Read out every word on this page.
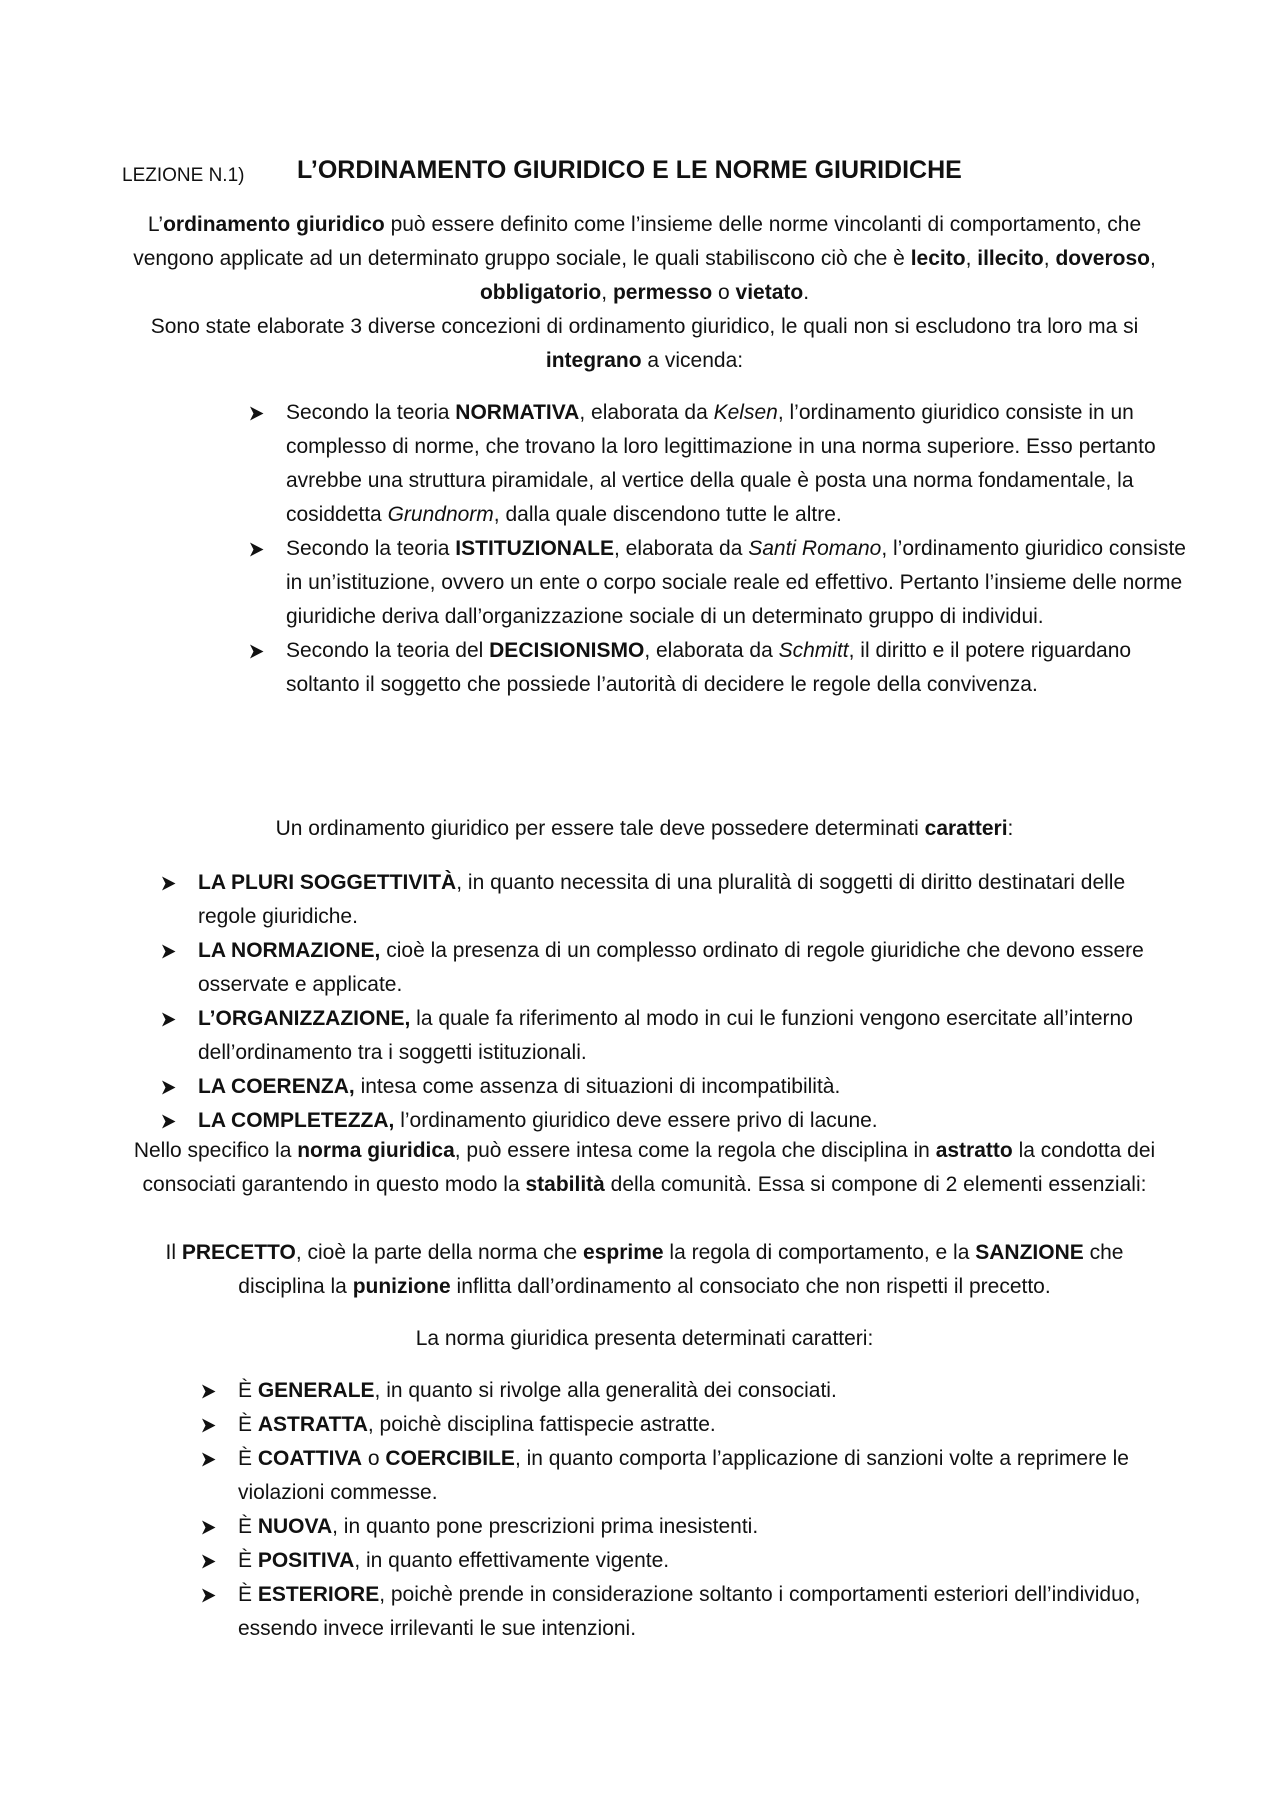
LEZIONE N.1) L’ORDINAMENTO GIURIDICO E LE NORME GIURIDICHE
L’ordinamento giuridico può essere definito come l’insieme delle norme vincolanti di comportamento, che vengono applicate ad un determinato gruppo sociale, le quali stabiliscono ciò che è lecito, illecito, doveroso, obbligatorio, permesso o vietato.
Sono state elaborate 3 diverse concezioni di ordinamento giuridico, le quali non si escludono tra loro ma si integrano a vicenda:
Secondo la teoria NORMATIVA, elaborata da Kelsen, l’ordinamento giuridico consiste in un complesso di norme, che trovano la loro legittimazione in una norma superiore. Esso pertanto avrebbe una struttura piramidale, al vertice della quale è posta una norma fondamentale, la cosiddetta Grundnorm, dalla quale discendono tutte le altre.
Secondo la teoria ISTITUZIONALE, elaborata da Santi Romano, l’ordinamento giuridico consiste in un’istituzione, ovvero un ente o corpo sociale reale ed effettivo. Pertanto l’insieme delle norme giuridiche deriva dall’organizzazione sociale di un determinato gruppo di individui.
Secondo la teoria del DECISIONISMO, elaborata da Schmitt, il diritto e il potere riguardano soltanto il soggetto che possiede l’autorità di decidere le regole della convivenza.
Un ordinamento giuridico per essere tale deve possedere determinati caratteri:
LA PLURI SOGGETTIVITÀ, in quanto necessita di una pluralità di soggetti di diritto destinatari delle regole giuridiche.
LA NORMAZIONE, cioè la presenza di un complesso ordinato di regole giuridiche che devono essere osservate e applicate.
L’ORGANIZZAZIONE, la quale fa riferimento al modo in cui le funzioni vengono esercitate all’interno dell’ordinamento tra i soggetti istituzionali.
LA COERENZA, intesa come assenza di situazioni di incompatibilità.
LA COMPLETEZZA, l’ordinamento giuridico deve essere privo di lacune.
Nello specifico la norma giuridica, può essere intesa come la regola che disciplina in astratto la condotta dei consociati garantendo in questo modo la stabilità della comunità. Essa si compone di 2 elementi essenziali:
Il PRECETTO, cioè la parte della norma che esprime la regola di comportamento, e la SANZIONE che disciplina la punizione inflitta dall’ordinamento al consociato che non rispetti il precetto.
La norma giuridica presenta determinati caratteri:
È GENERALE, in quanto si rivolge alla generalità dei consociati.
È ASTRATTA, poichè disciplina fattispecie astratte.
È COATTIVA o COERCIBILE, in quanto comporta l’applicazione di sanzioni volte a reprimere le violazioni commesse.
È NUOVA, in quanto pone prescrizioni prima inesistenti.
È POSITIVA, in quanto effettivamente vigente.
È ESTERIORE, poichè prende in considerazione soltanto i comportamenti esteriori dell’individuo, essendo invece irrilevanti le sue intenzioni.
